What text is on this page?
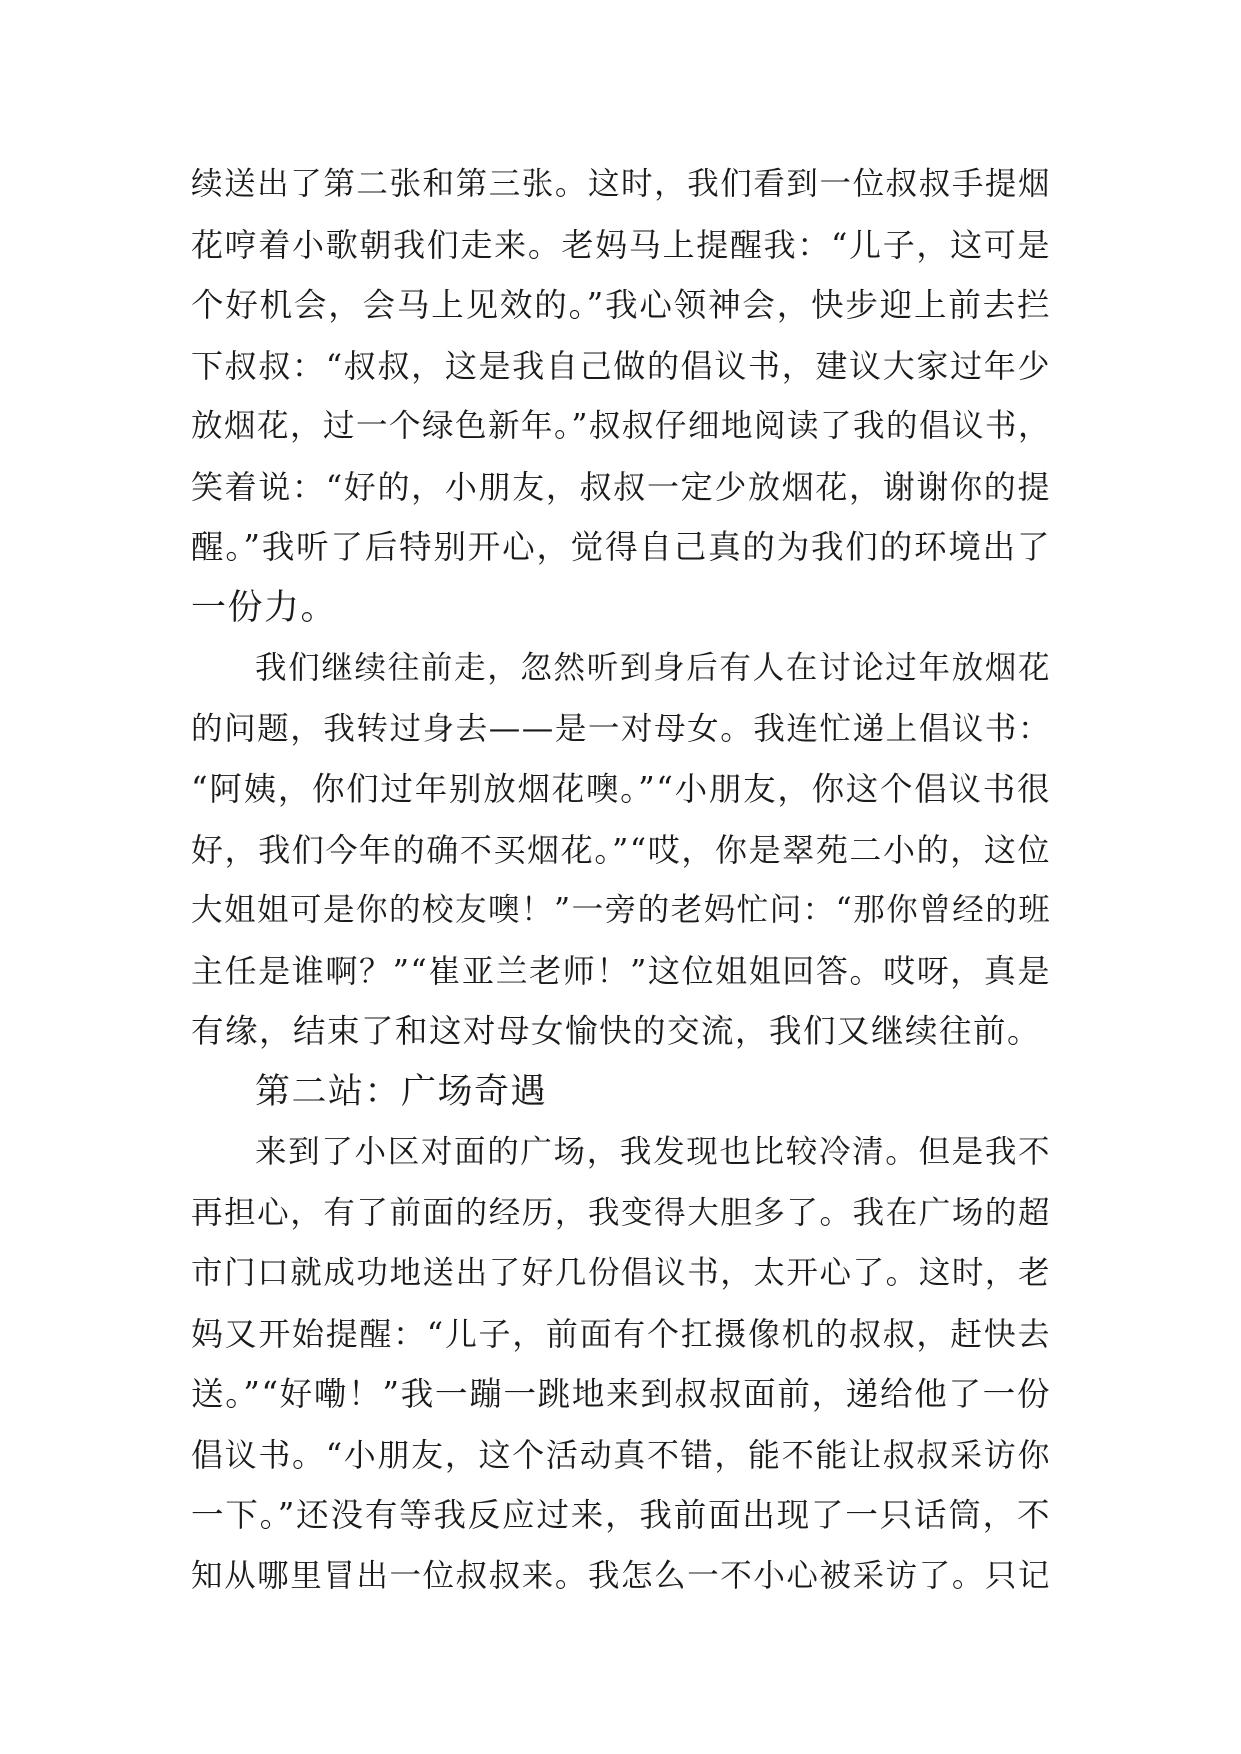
续送出了第二张和第三张。这时，我们看到一位叔叔手提烟
花哼着小歌朝我们走来。老妈马上提醒我：“儿子，这可是
个好机会，会马上见效的。”我心领神会，快步迎上前去拦
下叔叔：“叔叔，这是我自己做的倡议书，建议大家过年少
放烟花，过一个绿色新年。”叔叔仔细地阅读了我的倡议书，
笑着说：“好的，小朋友，叔叔一定少放烟花，谢谢你的提
醒。”我听了后特别开心，觉得自己真的为我们的环境出了
一份力。

我们继续往前走，忽然听到身后有人在讨论过年放烟花
的问题，我转过身去——是一对母女。我连忙递上倡议书：
“阿姨，你们过年别放烟花噢。”“小朋友，你这个倡议书很
好，我们今年的确不买烟花。”“哎，你是翠苑二小的，这位
大姐姐可是你的校友噢！”一旁的老妈忙问：“那你曾经的班
主任是谁啊？”“崔亚兰老师！”这位姐姐回答。哎呀，真是
有缘，结束了和这对母女愉快的交流，我们又继续往前。

第二站：广场奇遇

来到了小区对面的广场，我发现也比较冷清。但是我不
再担心，有了前面的经历，我变得大胆多了。我在广场的超
市门口就成功地送出了好几份倡议书，太开心了。这时，老
妈又开始提醒：“儿子，前面有个扛摄像机的叔叔，赶快去
送。”“好嘞！”我一蹦一跳地来到叔叔面前，递给他了一份
倡议书。“小朋友，这个活动真不错，能不能让叔叔采访你
一下。”还没有等我反应过来，我前面出现了一只话筒，不
知从哪里冒出一位叔叔来。我怎么一不小心被采访了。只记
